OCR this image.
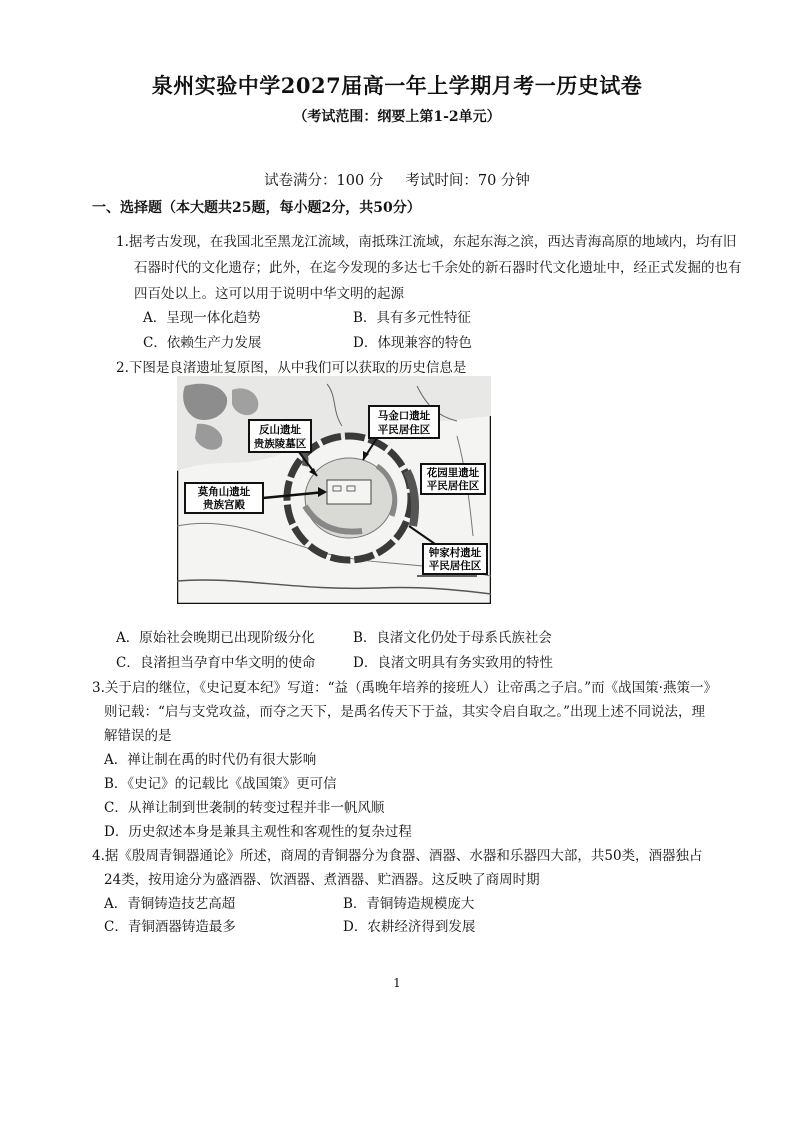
泉州实验中学2027届高一年上学期月考一历史试卷
（考试范围：纲要上第1-2单元）
试卷满分：100 分 考试时间：70 分钟
一、选择题（本大题共25题，每小题2分，共50分）
1.据考古发现，在我国北至黑龙江流域，南抵珠江流域，东起东海之滨，西达青海高原的地域内，均有旧
石器时代的文化遗存；此外，在迄今发现的多达七千余处的新石器时代文化遗址中，经正式发掘的也有
四百处以上。这可以用于说明中华文明的起源
A．呈现一体化趋势	B．具有多元性特征
C．依赖生产力发展	D．体现兼容的特色
2.下图是良渚遗址复原图，从中我们可以获取的历史信息是
反山遗址
贵族陵墓区
马金口遗址
平民居住区
花园里遗址
平民居住区
莫角山遗址
贵族宫殿
钟家村遗址
平民居住区
A．原始社会晚期已出现阶级分化	B．良渚文化仍处于母系氏族社会
C．良渚担当孕育中华文明的使命	D．良渚文明具有务实致用的特性
3.关于启的继位，《史记夏本纪》写道：“益（禹晚年培养的接班人）让帝禹之子启。”而《战国策·燕策一》
则记载：“启与支党攻益，而夺之天下，是禹名传天下于益，其实令启自取之。”出现上述不同说法，理
解错误的是
A．禅让制在禹的时代仍有很大影响
B．《史记》的记载比《战国策》更可信
C．从禅让制到世袭制的转变过程并非一帆风顺
D．历史叙述本身是兼具主观性和客观性的复杂过程
4.据《殷周青铜器通论》所述，商周的青铜器分为食器、酒器、水器和乐器四大部，共50类，酒器独占
24类，按用途分为盛酒器、饮酒器、煮酒器、贮酒器。这反映了商周时期
A．青铜铸造技艺高超	B．青铜铸造规模庞大
C．青铜酒器铸造最多	D．农耕经济得到发展
1
